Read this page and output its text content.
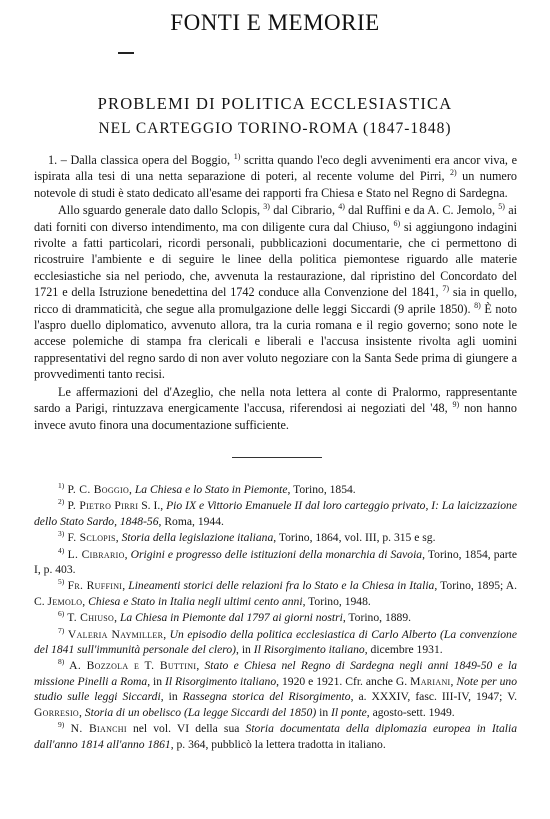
FONTI E MEMORIE
PROBLEMI DI POLITICA ECCLESIASTICA
NEL CARTEGGIO TORINO-ROMA (1847-1848)

1. – Dalla classica opera del Boggio, $^{1)}$ scritta quando l'eco degli avvenimenti era ancor viva, e ispirata alla tesi di una netta separazione di poteri, al recente volume del Pirri, $^{2)}$ un numero notevole di studi è stato dedicato all'esame dei rapporti fra Chiesa e Stato nel Regno di Sardegna.

Allo sguardo generale dato dallo Sclopis, $^{3)}$ dal Cibrario, $^{4)}$ dal Ruffini e da A. C. Jemolo, $^{5)}$ ai dati forniti con diverso intendimento, ma con diligente cura dal Chiuso, $^{6)}$ si aggiungono indagini rivolte a fatti particolari, ricordi personali, pubblicazioni documentarie, che ci permettono di ricostruire l'ambiente e di seguire le linee della politica piemontese riguardo alle materie ecclesiastiche sia nel periodo, che, avvenuta la restaurazione, dal ripristino del Concordato del 1721 e della Istruzione benedettina del 1742 conduce alla Convenzione del 1841, $^{7)}$ sia in quello, ricco di drammaticità, che segue alla promulgazione delle leggi Siccardi (9 aprile 1850). $^{8)}$ È noto l'aspro duello diplomatico, avvenuto allora, tra la curia romana e il regio governo; sono note le accese polemiche di stampa fra clericali e liberali e l'accusa insistente rivolta agli uomini rappresentativi del regno sardo di non aver voluto negoziare con la Santa Sede prima di giungere a provvedimenti tanto recisi.

Le affermazioni del d'Azeglio, che nella nota lettera al conte di Pralormo, rappresentante sardo a Parigi, rintuzzava energicamente l'accusa, riferendosi ai negoziati del '48, $^{9)}$ non hanno invece avuto finora una documentazione sufficiente.

$^{1)}$ P. C. Boggio, La Chiesa e lo Stato in Piemonte, Torino, 1854.
$^{2)}$ P. Pietro Pirri S. I., Pio IX e Vittorio Emanuele II dal loro carteggio privato, I: La laicizzazione dello Stato Sardo, 1848-56, Roma, 1944.
$^{3)}$ F. Sclopis, Storia della legislazione italiana, Torino, 1864, vol. III, p. 315 e sg.
$^{4)}$ L. Cibrario, Origini e progresso delle istituzioni della monarchia di Savoia, Torino, 1854, parte I, p. 403.
$^{5)}$ Fr. Ruffini, Lineamenti storici delle relazioni fra lo Stato e la Chiesa in Italia, Torino, 1895; A. C. Jemolo, Chiesa e Stato in Italia negli ultimi cento anni, Torino, 1948.
$^{6)}$ T. Chiuso, La Chiesa in Piemonte dal 1797 ai giorni nostri, Torino, 1889.
$^{7)}$ Valeria Naymiller, Un episodio della politica ecclesiastica di Carlo Alberto (La convenzione del 1841 sull'immunità personale del clero), in Il Risorgimento italiano, dicembre 1931.
$^{8)}$ A. Bozzola e T. Buttini, Stato e Chiesa nel Regno di Sardegna negli anni 1849-50 e la missione Pinelli a Roma, in Il Risorgimento italiano, 1920 e 1921. Cfr. anche G. Mariani, Note per uno studio sulle leggi Siccardi, in Rassegna storica del Risorgimento, a. XXXIV, fasc. III-IV, 1947; V. Gorresio, Storia di un obelisco (La legge Siccardi del 1850) in Il ponte, agosto-sett. 1949.
$^{9)}$ N. Bianchi nel vol. VI della sua Storia documentata della diplomazia europea in Italia dall'anno 1814 all'anno 1861, p. 364, pubblicò la lettera tradotta in italiano.
